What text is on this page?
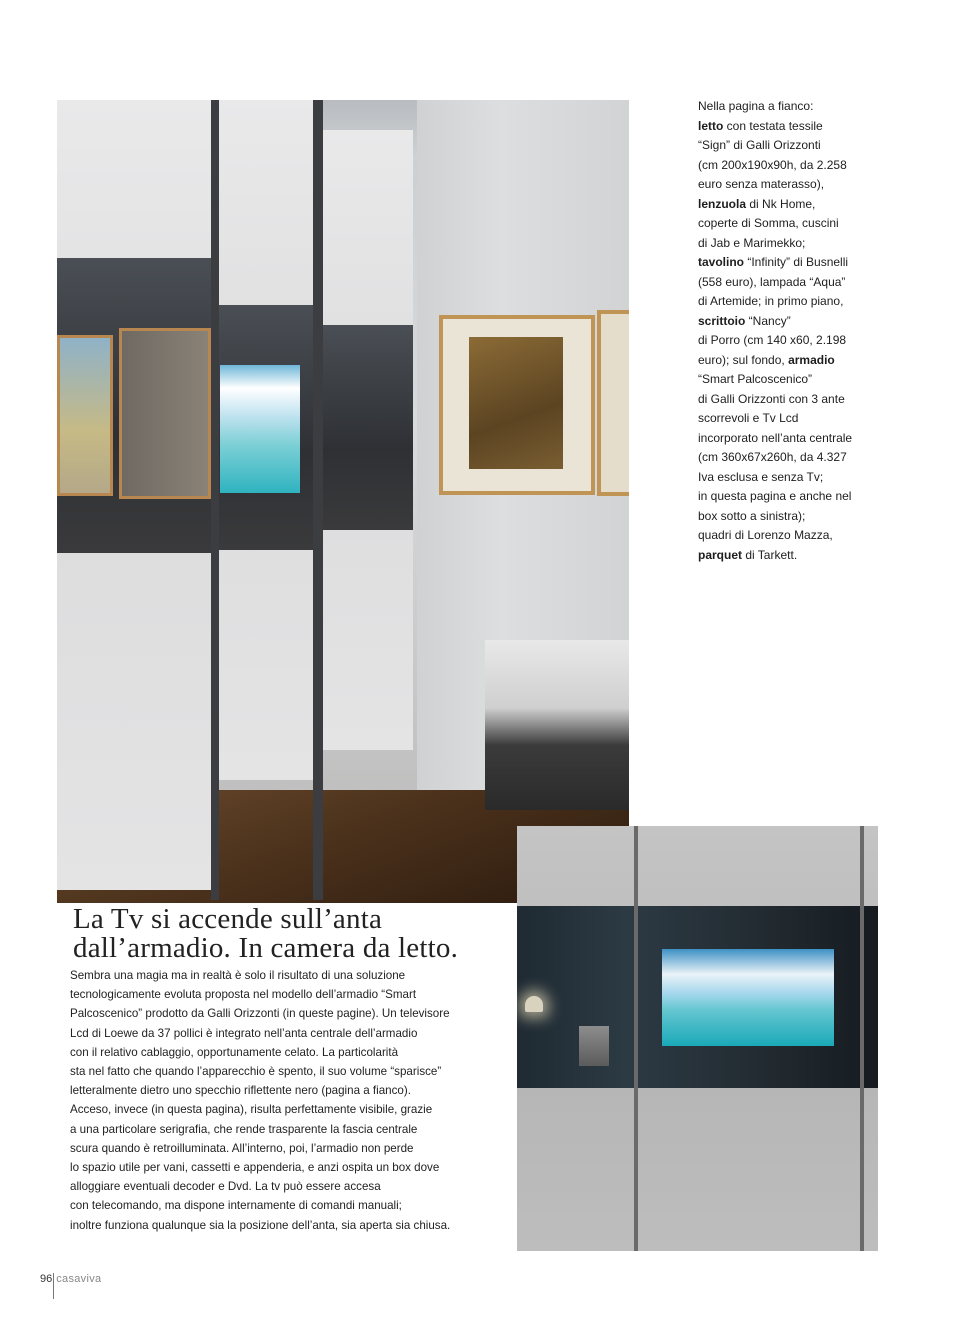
Nella pagina a fianco:
letto con testata tessile
“Sign” di Galli Orizzonti
(cm 200x190x90h, da 2.258
euro senza materasso),
lenzuola di Nk Home,
coperte di Somma, cuscini
di Jab e Marimekko;
tavolino “Infinity” di Busnelli
(558 euro), lampada “Aqua”
di Artemide; in primo piano,
scrittoio “Nancy”
di Porro (cm 140 x60, 2.198
euro); sul fondo, armadio
“Smart Palcoscenico”
di Galli Orizzonti con 3 ante
scorrevoli e Tv Lcd
incorporato nell’anta centrale
(cm 360x67x260h, da 4.327
Iva esclusa e senza Tv;
in questa pagina e anche nel
box sotto a sinistra);
quadri di Lorenzo Mazza,
parquet di Tarkett.
La Tv si accende sull’anta
dall’armadio. In camera da letto.
Sembra una magia ma in realtà è solo il risultato di una soluzione
tecnologicamente evoluta proposta nel modello dell’armadio “Smart
Palcoscenico” prodotto da Galli Orizzonti (in queste pagine). Un televisore
Lcd di Loewe da 37 pollici è integrato nell’anta centrale dell’armadio
con il relativo cablaggio, opportunamente celato. La particolarità
sta nel fatto che quando l’apparecchio è spento, il suo volume “sparisce”
letteralmente dietro uno specchio riflettente nero (pagina a fianco).
Acceso, invece (in questa pagina), risulta perfettamente visibile, grazie
a una particolare serigrafia, che rende trasparente la fascia centrale
scura quando è retroilluminata. All’interno, poi, l’armadio non perde
lo spazio utile per vani, cassetti e appenderia, e anzi ospita un box dove
alloggiare eventuali decoder e Dvd. La tv può essere accesa
con telecomando, ma dispone internamente di comandi manuali;
inoltre funziona qualunque sia la posizione dell’anta, sia aperta sia chiusa.
96 casaviva
